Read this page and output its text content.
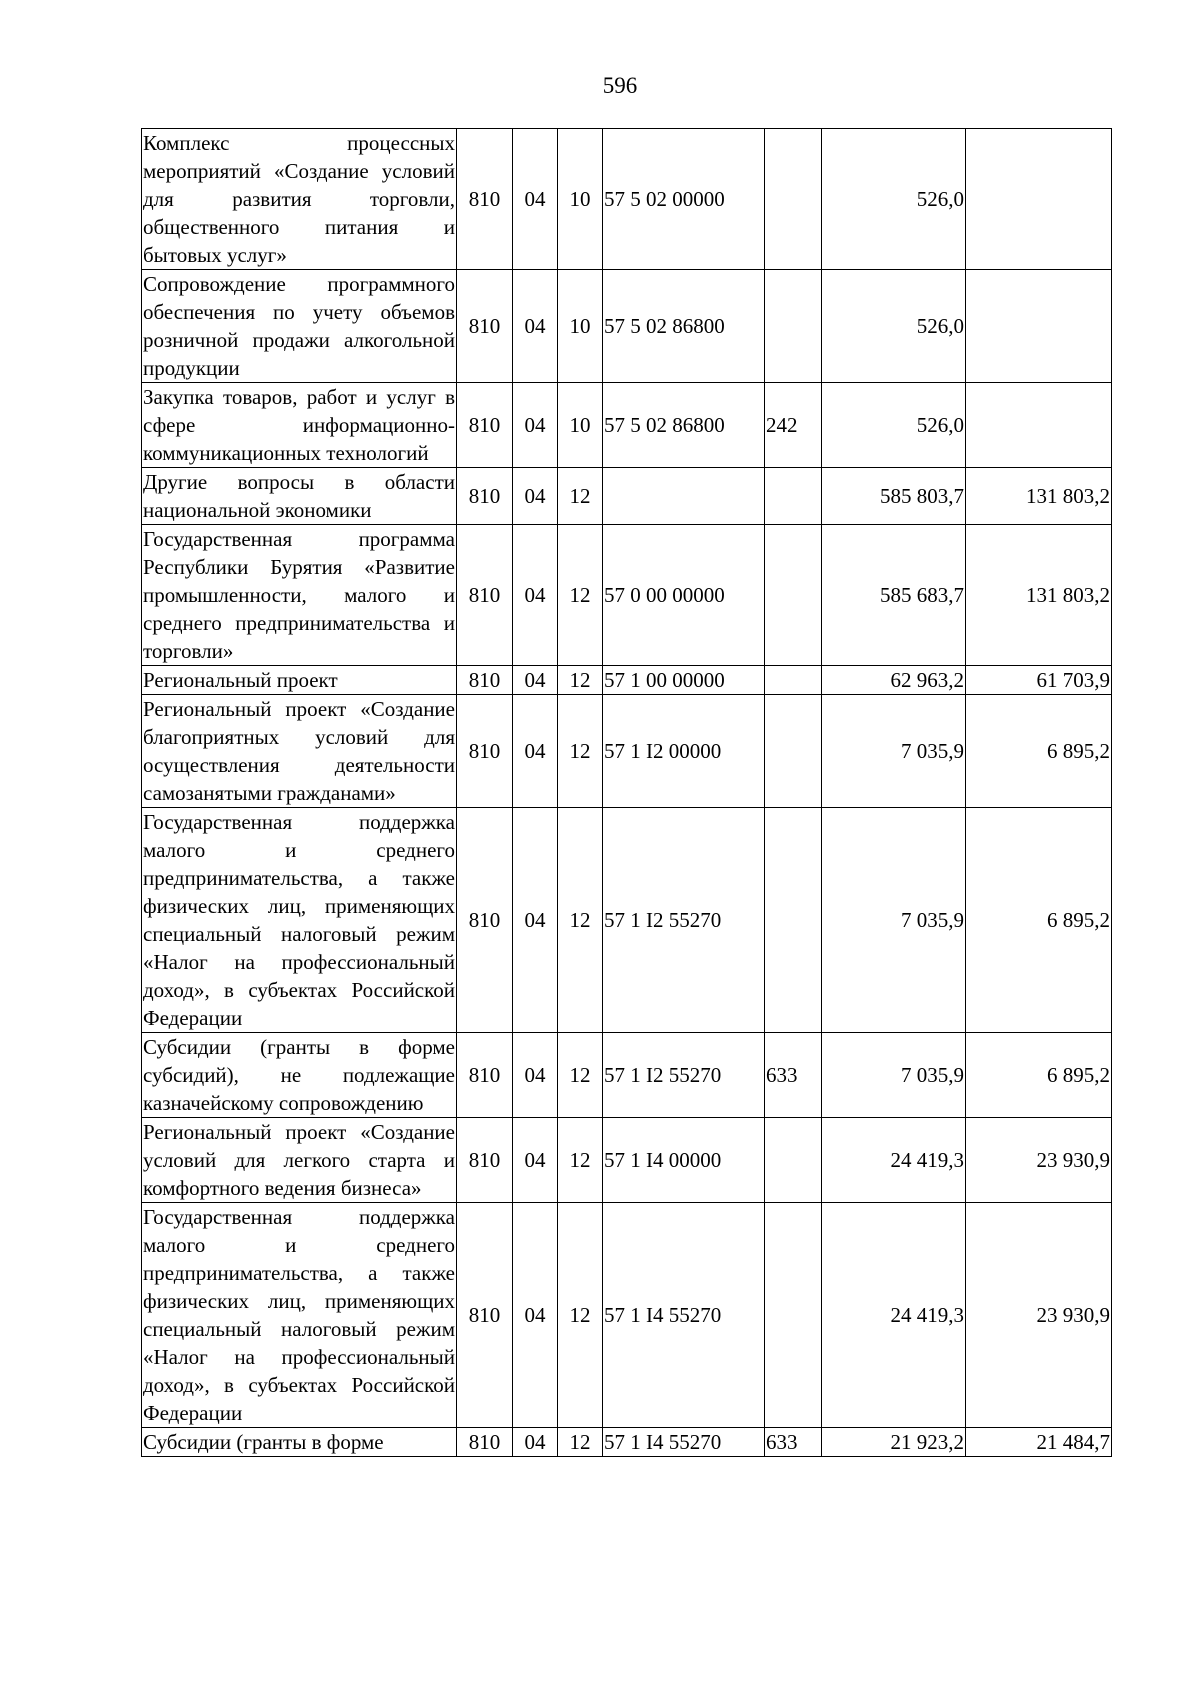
596
Комплекс процессных мероприятий «Создание условий для развития торговли, общественного питания и бытовых услуг»	810	04	10	57 5 02 00000		526,0	
Сопровождение программного обеспечения по учету объемов розничной продажи алкогольной продукции	810	04	10	57 5 02 86800		526,0	
Закупка товаров, работ и услуг в сфере информационно-коммуникационных технологий	810	04	10	57 5 02 86800	242	526,0	
Другие вопросы в области национальной экономики	810	04	12			585 803,7	131 803,2
Государственная программа Республики Бурятия «Развитие промышленности, малого и среднего предпринимательства и торговли»	810	04	12	57 0 00 00000		585 683,7	131 803,2
Региональный проект	810	04	12	57 1 00 00000		62 963,2	61 703,9
Региональный проект «Создание благоприятных условий для осуществления деятельности самозанятыми гражданами»	810	04	12	57 1 I2 00000		7 035,9	6 895,2
Государственная поддержка малого и среднего предпринимательства, а также физических лиц, применяющих специальный налоговый режим «Налог на профессиональный доход», в субъектах Российской Федерации	810	04	12	57 1 I2 55270		7 035,9	6 895,2
Субсидии (гранты в форме субсидий), не подлежащие казначейскому сопровождению	810	04	12	57 1 I2 55270	633	7 035,9	6 895,2
Региональный проект «Создание условий для легкого старта и комфортного ведения бизнеса»	810	04	12	57 1 I4 00000		24 419,3	23 930,9
Государственная поддержка малого и среднего предпринимательства, а также физических лиц, применяющих специальный налоговый режим «Налог на профессиональный доход», в субъектах Российской Федерации	810	04	12	57 1 I4 55270		24 419,3	23 930,9
Субсидии (гранты в форме	810	04	12	57 1 I4 55270	633	21 923,2	21 484,7
